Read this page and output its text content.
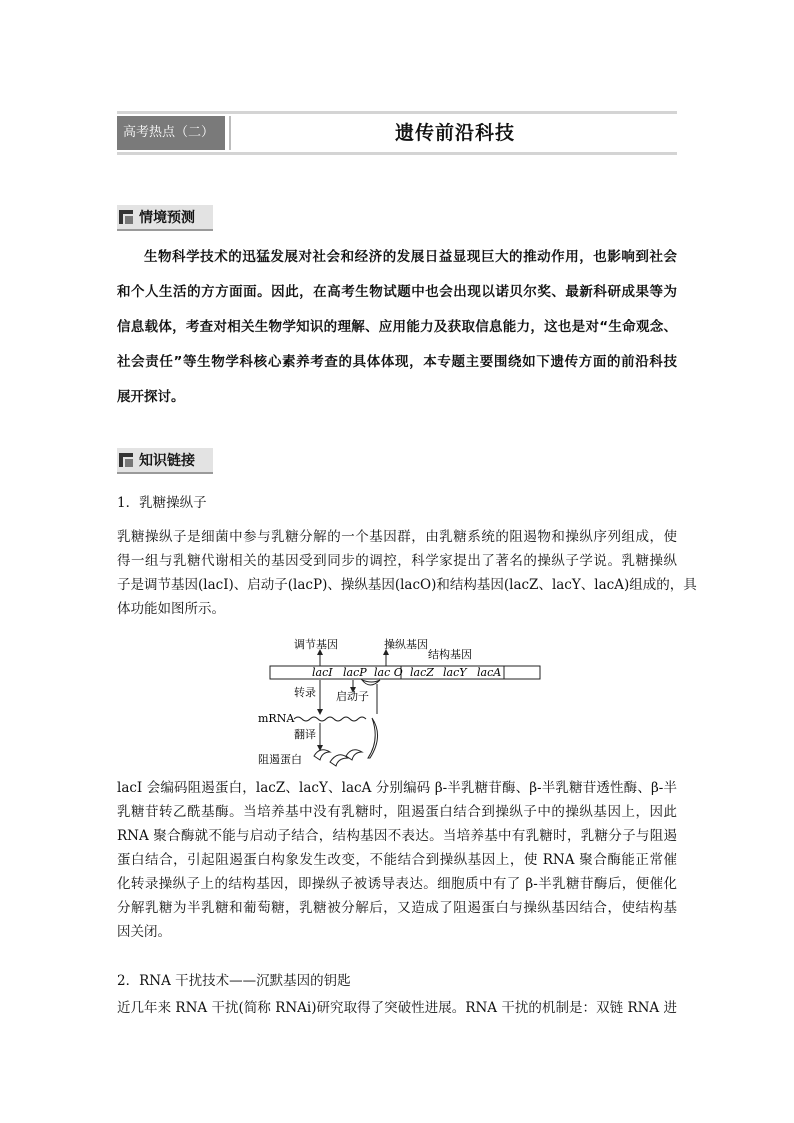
高考热点（二）	遗传前沿科技
情境预测
生物科学技术的迅猛发展对社会和经济的发展日益显现巨大的推动作用，也影响到社会
和个人生活的方方面面。因此，在高考生物试题中也会出现以诺贝尔奖、最新科研成果等为
信息载体，考查对相关生物学知识的理解、应用能力及获取信息能力，这也是对“生命观念、
社会责任”等生物学科核心素养考查的具体体现，本专题主要围绕如下遗传方面的前沿科技
展开探讨。
知识链接
1．乳糖操纵子
乳糖操纵子是细菌中参与乳糖分解的一个基因群，由乳糖系统的阻遏物和操纵序列组成，使
得一组与乳糖代谢相关的基因受到同步的调控，科学家提出了著名的操纵子学说。乳糖操纵
子是调节基因(lacI)、启动子(lacP)、操纵基因(lacO)和结构基因(lacZ、lacY、lacA)组成的，具
体功能如图所示。
lacI lacP lac O lacZ lacY lacA
调节基因	操纵基因
结构基因
启动子
转录
mRNA
翻译
阻遏蛋白
lacI 会编码阻遏蛋白，lacZ、lacY、lacA 分别编码 β-半乳糖苷酶、β-半乳糖苷透性酶、β-半
乳糖苷转乙酰基酶。当培养基中没有乳糖时，阻遏蛋白结合到操纵子中的操纵基因上，因此
RNA 聚合酶就不能与启动子结合，结构基因不表达。当培养基中有乳糖时，乳糖分子与阻遏
蛋白结合，引起阻遏蛋白构象发生改变，不能结合到操纵基因上，使 RNA 聚合酶能正常催
化转录操纵子上的结构基因，即操纵子被诱导表达。细胞质中有了 β-半乳糖苷酶后，便催化
分解乳糖为半乳糖和葡萄糖，乳糖被分解后，又造成了阻遏蛋白与操纵基因结合，使结构基
因关闭。
2．RNA 干扰技术——沉默基因的钥匙
近几年来 RNA 干扰(简称 RNAi)研究取得了突破性进展。RNA 干扰的机制是：双链 RNA 进
